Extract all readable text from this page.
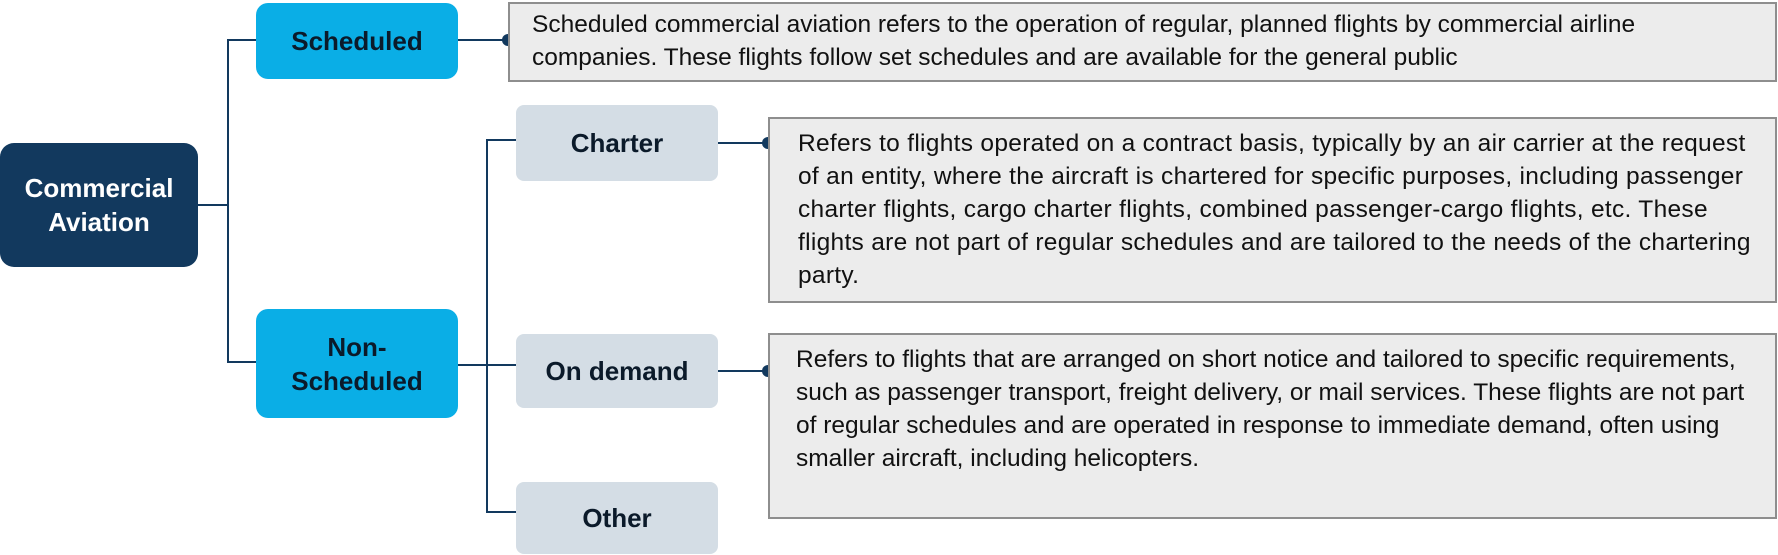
Commercial
Aviation
Scheduled
Non-
Scheduled
Charter
On demand
Other
Scheduled commercial aviation refers to the operation of regular, planned flights by commercial airline companies. These flights follow set schedules and are available for the general public
Refers to flights operated on a contract basis, typically by an air carrier at the request of an entity, where the aircraft is chartered for specific purposes, including passenger charter flights, cargo charter flights, combined passenger-cargo flights, etc. These flights are not part of regular schedules and are tailored to the needs of the chartering party.
Refers to flights that are arranged on short notice and tailored to specific requirements, such as passenger transport, freight delivery, or mail services. These flights are not part of regular schedules and are operated in response to immediate demand, often using smaller aircraft, including helicopters.
